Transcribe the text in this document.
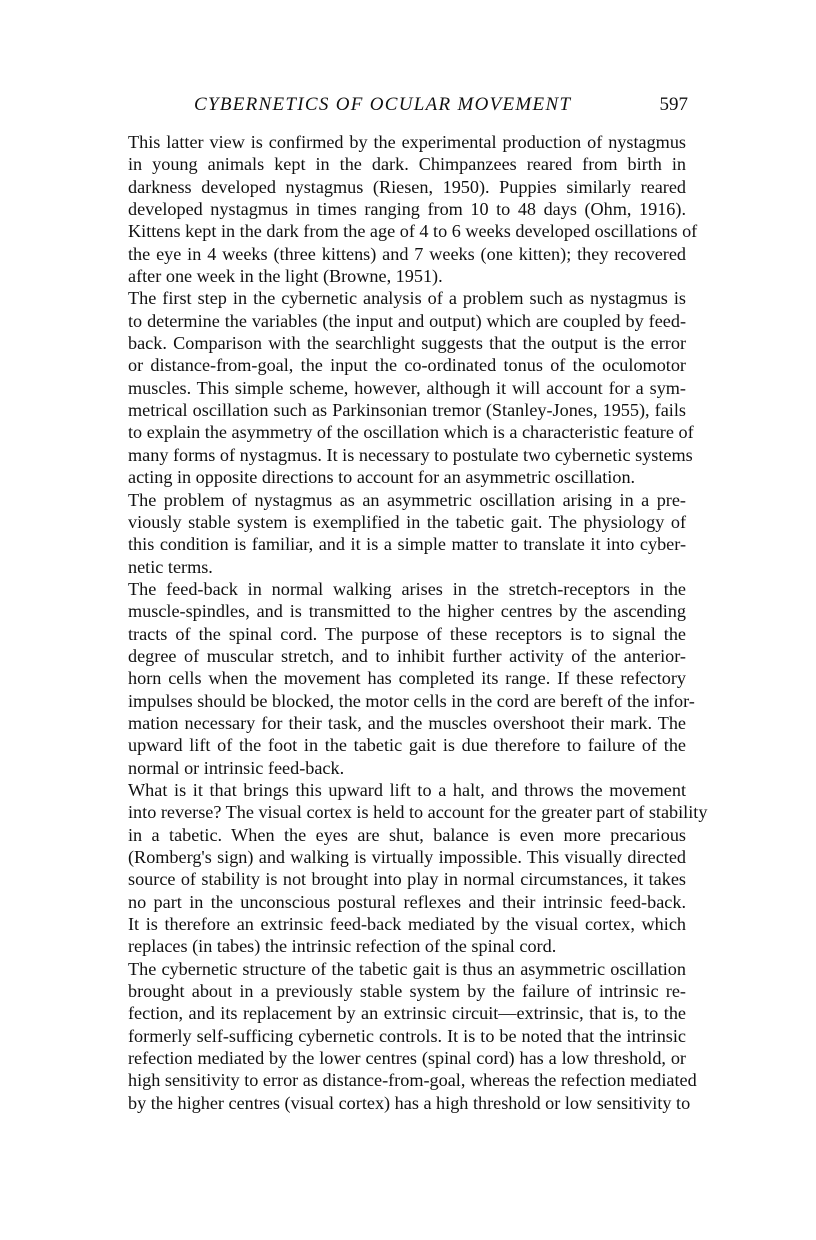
CYBERNETICS OF OCULAR MOVEMENT	597

This latter view is confirmed by the experimental production of nystagmus
in young animals kept in the dark. Chimpanzees reared from birth in
darkness developed nystagmus (Riesen, 1950). Puppies similarly reared
developed nystagmus in times ranging from 10 to 48 days (Ohm, 1916).
Kittens kept in the dark from the age of 4 to 6 weeks developed oscillations of
the eye in 4 weeks (three kittens) and 7 weeks (one kitten); they recovered
after one week in the light (Browne, 1951).

The first step in the cybernetic analysis of a problem such as nystagmus is
to determine the variables (the input and output) which are coupled by feed-
back. Comparison with the searchlight suggests that the output is the error
or distance-from-goal, the input the co-ordinated tonus of the oculomotor
muscles. This simple scheme, however, although it will account for a sym-
metrical oscillation such as Parkinsonian tremor (Stanley-Jones, 1955), fails
to explain the asymmetry of the oscillation which is a characteristic feature of
many forms of nystagmus. It is necessary to postulate two cybernetic systems
acting in opposite directions to account for an asymmetric oscillation.

The problem of nystagmus as an asymmetric oscillation arising in a pre-
viously stable system is exemplified in the tabetic gait. The physiology of
this condition is familiar, and it is a simple matter to translate it into cyber-
netic terms.

The feed-back in normal walking arises in the stretch-receptors in the
muscle-spindles, and is transmitted to the higher centres by the ascending
tracts of the spinal cord. The purpose of these receptors is to signal the
degree of muscular stretch, and to inhibit further activity of the anterior-
horn cells when the movement has completed its range. If these refectory
impulses should be blocked, the motor cells in the cord are bereft of the infor-
mation necessary for their task, and the muscles overshoot their mark. The
upward lift of the foot in the tabetic gait is due therefore to failure of the
normal or intrinsic feed-back.

What is it that brings this upward lift to a halt, and throws the movement
into reverse? The visual cortex is held to account for the greater part of stability
in a tabetic. When the eyes are shut, balance is even more precarious
(Romberg's sign) and walking is virtually impossible. This visually directed
source of stability is not brought into play in normal circumstances, it takes
no part in the unconscious postural reflexes and their intrinsic feed-back.
It is therefore an extrinsic feed-back mediated by the visual cortex, which
replaces (in tabes) the intrinsic refection of the spinal cord.

The cybernetic structure of the tabetic gait is thus an asymmetric oscillation
brought about in a previously stable system by the failure of intrinsic re-
fection, and its replacement by an extrinsic circuit—extrinsic, that is, to the
formerly self-sufficing cybernetic controls. It is to be noted that the intrinsic
refection mediated by the lower centres (spinal cord) has a low threshold, or
high sensitivity to error as distance-from-goal, whereas the refection mediated
by the higher centres (visual cortex) has a high threshold or low sensitivity to
